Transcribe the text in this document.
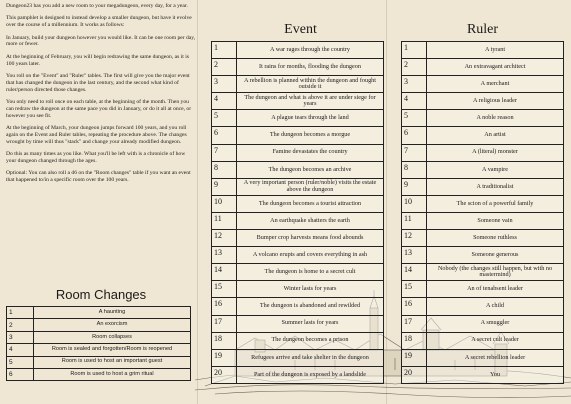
Dungeon23 has you add a new room to your megadungeon, every day, for a year.

This pamphlet is designed to instead develop a smaller dungeon, but have it evolve over the course of a millennium. It works as follows:

In January, build your dungeon however you would like. It can be one room per day, more or fewer.

At the beginning of February, you will begin redrawing the same dungeon, as it is 100 years later.

You roll on the "Event" and "Ruler" tables. The first will give you the major event that has changed the dungeon in the last century, and the second what kind of ruler/person directed those changes.

You only need to roll once on each table, at the beginning of the month. Then you can redraw the dungeon at the same pace you did in January, or do it all at once, or however you see fit.

At the beginning of March, your dungeon jumps forward 100 years, and you roll again on the Event and Ruler tables, repeating the procedure above. The changes wrought by time will thus "stack" and change your already modified dungeon.

Do this as many times as you like. What you'll be left with is a chronicle of how your dungeon changed through the ages.

Optional: You can also roll a d6 on the "Room changes" table if you want an event that happened to/in a specific room over the 100 years.

Room Changes
1	A haunting
2	An exorcism
3	Room collapses
4	Room is sealed and forgotten/Room is reopened
5	Room is used to host an important guest
6	Room is used to host a grim ritual
Event
1	A war rages through the country
2	It rains for months, flooding the dungeon
3	A rebellion is planned within the dungeon and fought outside it
4	The dungeon and what is above it are under siege for years
5	A plague tears through the land
6	The dungeon becomes a morgue
7	Famine devastates the country
8	The dungeon becomes an archive
9	A very important person (ruler/noble) visits the estate above the dungeon
10	The dungeon becomes a tourist attraction
11	An earthquake shatters the earth
12	Bumper crop harvests means food abounds
13	A volcano erupts and covers everything in ash
14	The dungeon is home to a secret cult
15	Winter lasts for years
16	The dungeon is abandoned and rewilded
17	Summer lasts for years
18	The dungeon becomes a prison
19	Refugees arrive and take shelter in the dungeon
20	Part of the dungeon is exposed by a landslide
Ruler
1	A tyrant
2	An extravagant architect
3	A merchant
4	A religious leader
5	A noble reason
6	An artist
7	A (literal) monster
8	A vampire
9	A traditionalist
10	The scion of a powerful family
11	Someone vain
12	Someone ruthless
13	Someone generous
14	Nobody (the changes still happen, but with no mastermind)
15	An of tenabsent leader
16	A child
17	A smuggler
18	A secret cult leader
19	A secret rebellion leader
20	You
